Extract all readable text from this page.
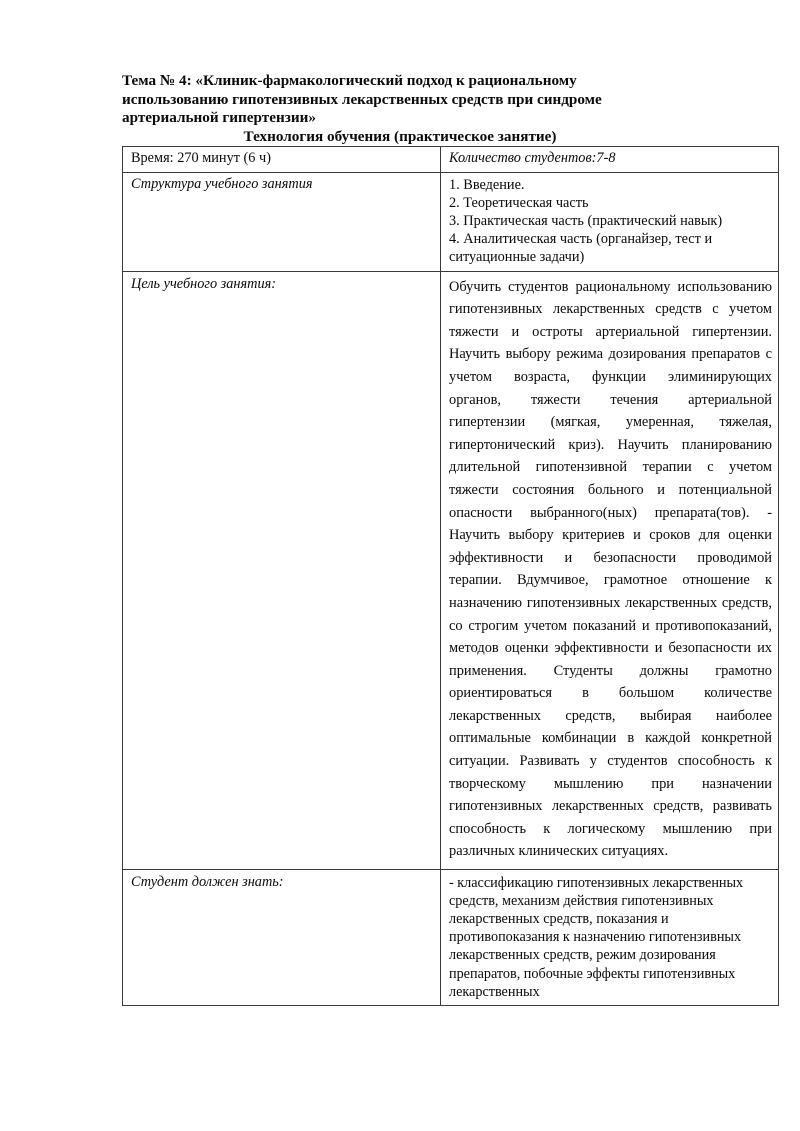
Тема № 4: «Клиник-фармакологический подход к рациональному использованию гипотензивных лекарственных средств при синдроме артериальной гипертензии»
Технология обучения (практическое занятие)
Время: 270 минут (6 ч)	Количество студентов:7-8
Структура учебного занятия	1. Введение.
2. Теоретическая часть
3. Практическая часть (практический навык)
4. Аналитическая часть (органайзер, тест и
ситуационные задачи)

Цель учебного занятия:	Обучить студентов рациональному использованию гипотензивных лекарственных средств с учетом тяжести и остроты артериальной гипертензии. Научить выбору режима дозирования препаратов с учетом возраста, функции элиминирующих органов, тяжести течения артериальной гипертензии (мягкая, умеренная, тяжелая, гипертонический криз). Научить планированию длительной гипотензивной терапии с учетом тяжести состояния больного и потенциальной опасности выбранного(ных) препарата(тов). - Научить выбору критериев и сроков для оценки эффективности и безопасности проводимой терапии. Вдумчивое, грамотное отношение к назначению гипотензивных лекарственных средств, со строгим учетом показаний и противопоказаний, методов оценки эффективности и безопасности их применения. Студенты должны грамотно ориентироваться в большом количестве лекарственных средств, выбирая наиболее оптимальные комбинации в каждой конкретной ситуации. Развивать у студентов способность к творческому мышлению при назначении гипотензивных лекарственных средств, развивать способность к логическому мышлению при различных клинических ситуациях.

Студент должен знать:	- классификацию гипотензивных лекарственных средств, механизм действия гипотензивных лекарственных средств, показания и противопоказания к назначению гипотензивных лекарственных средств, режим дозирования препаратов, побочные эффекты гипотензивных лекарственных
